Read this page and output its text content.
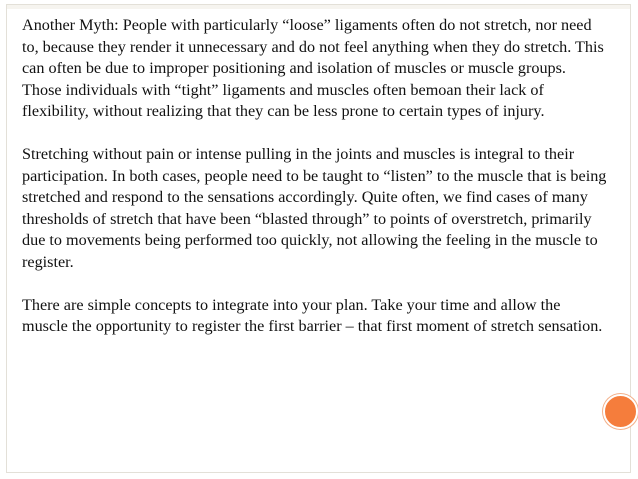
Another Myth: People with particularly “loose” ligaments often do not stretch, nor need to, because they render it unnecessary and do not feel anything when they do stretch. This can often be due to improper positioning and isolation of muscles or muscle groups. Those individuals with “tight” ligaments and muscles often bemoan their lack of flexibility, without realizing that they can be less prone to certain types of injury.

Stretching without pain or intense pulling in the joints and muscles is integral to their participation. In both cases, people need to be taught to “listen” to the muscle that is being stretched and respond to the sensations accordingly. Quite often, we find cases of many thresholds of stretch that have been “blasted through” to points of overstretch, primarily due to movements being performed too quickly, not allowing the feeling in the muscle to register.

There are simple concepts to integrate into your plan. Take your time and allow the muscle the opportunity to register the first barrier – that first moment of stretch sensation.
